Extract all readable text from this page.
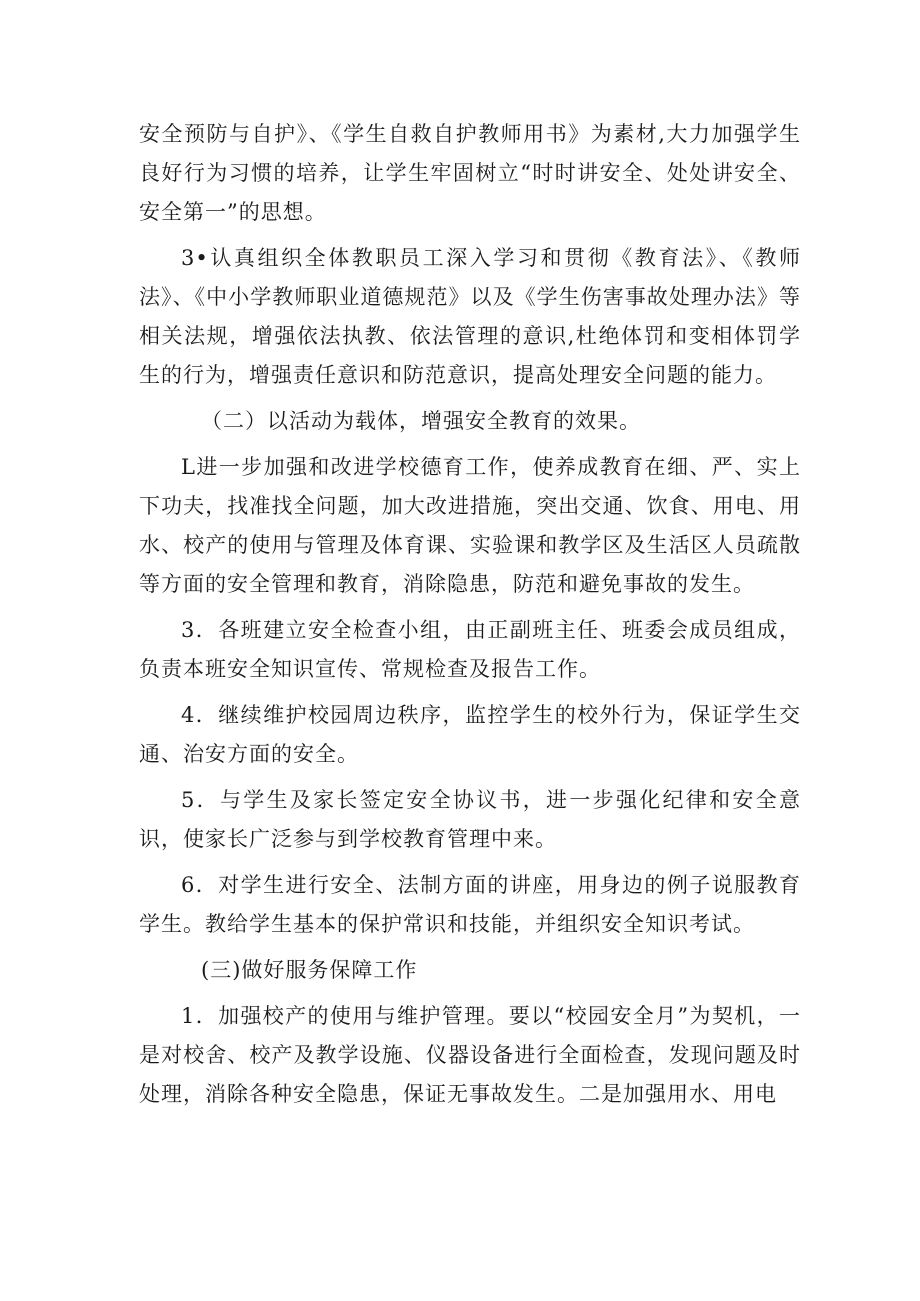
安全预防与自护》、《学生自救自护教师用书》为素材,大力加强学生良好行为习惯的培养，让学生牢固树立“时时讲安全、处处讲安全、安全第一”的思想。

3•认真组织全体教职员工深入学习和贯彻《教育法》、《教师法》、《中小学教师职业道德规范》以及《学生伤害事故处理办法》等相关法规，增强依法执教、依法管理的意识,杜绝体罚和变相体罚学生的行为，增强责任意识和防范意识，提高处理安全问题的能力。

（二）以活动为载体，增强安全教育的效果。

L进一步加强和改进学校德育工作，使养成教育在细、严、实上下功夫，找准找全问题，加大改进措施，突出交通、饮食、用电、用水、校产的使用与管理及体育课、实验课和教学区及生活区人员疏散等方面的安全管理和教育，消除隐患，防范和避免事故的发生。

3．各班建立安全检查小组，由正副班主任、班委会成员组成，负责本班安全知识宣传、常规检查及报告工作。

4．继续维护校园周边秩序，监控学生的校外行为，保证学生交通、治安方面的安全。

5．与学生及家长签定安全协议书，进一步强化纪律和安全意识，使家长广泛参与到学校教育管理中来。

6．对学生进行安全、法制方面的讲座，用身边的例子说服教育学生。教给学生基本的保护常识和技能，并组织安全知识考试。

(三)做好服务保障工作

1．加强校产的使用与维护管理。要以“校园安全月”为契机，一是对校舍、校产及教学设施、仪器设备进行全面检查，发现问题及时处理，消除各种安全隐患，保证无事故发生。二是加强用水、用电
